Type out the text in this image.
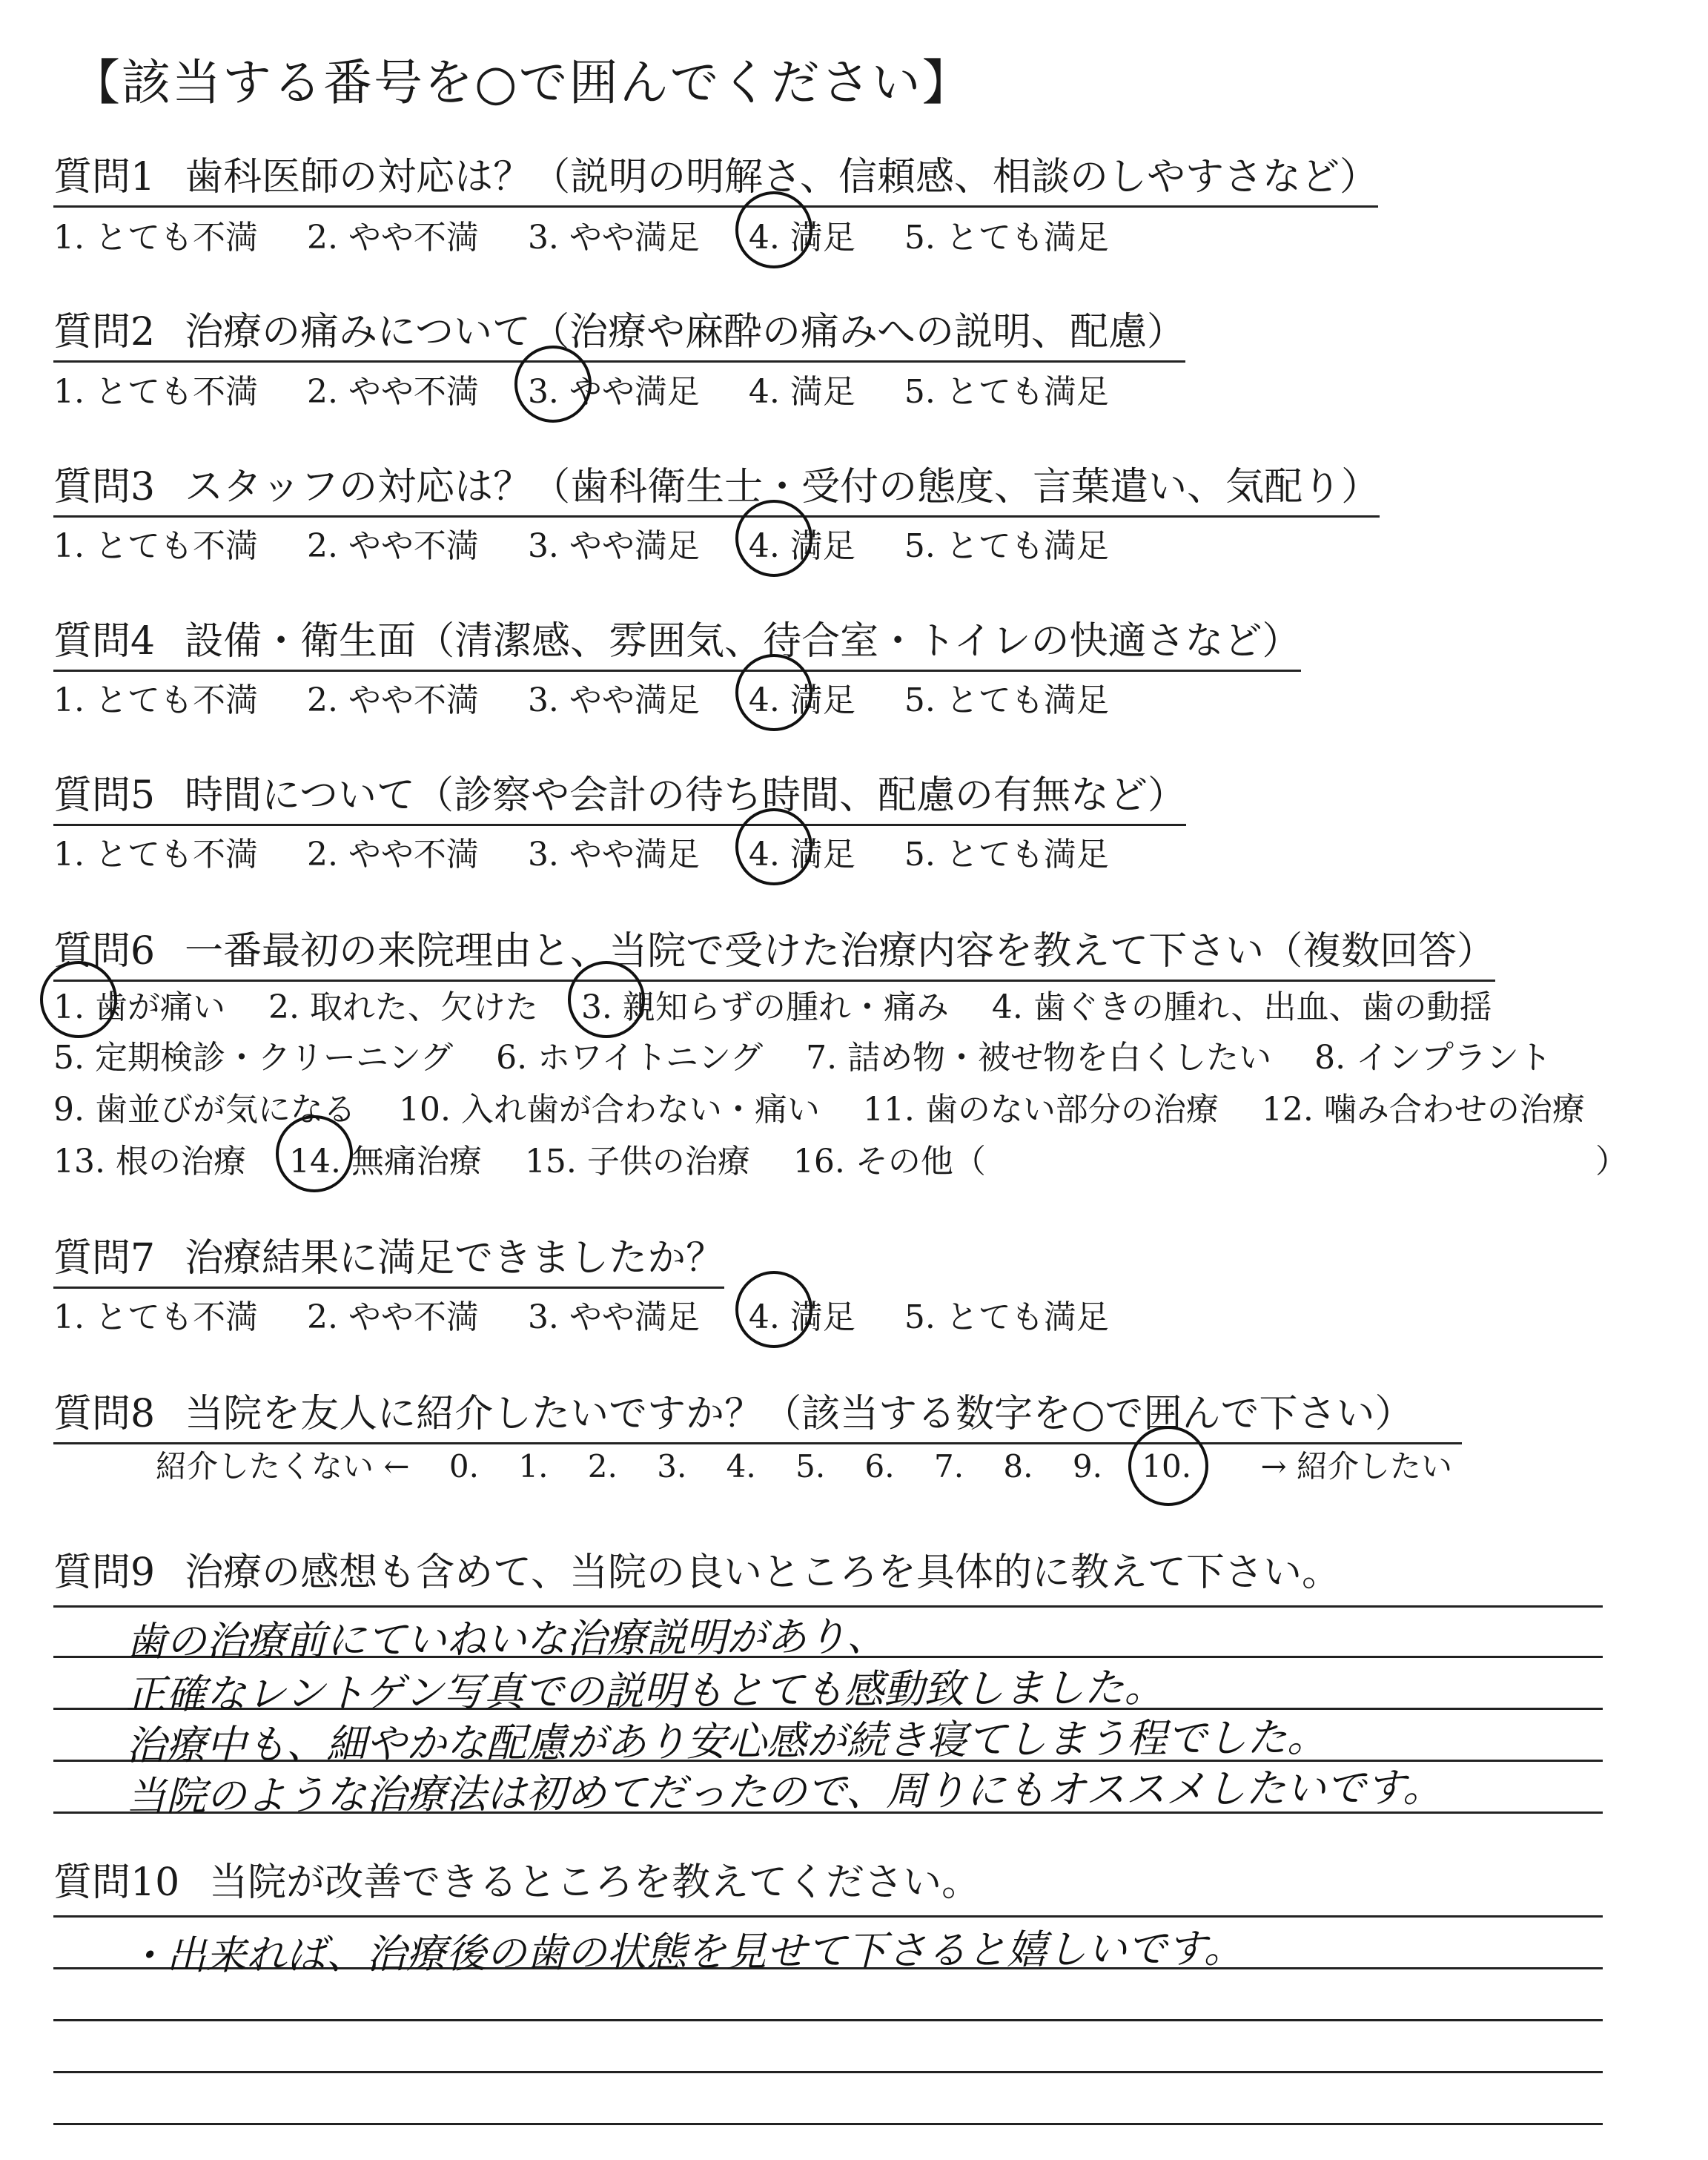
【該当する番号を○で囲んでください】
質問1 歯科医師の対応は？（説明の明解さ、信頼感、相談のしやすさなど）
1. とても不満 2. やや不満 3. やや満足 4. 満足 5. とても満足
質問2 治療の痛みについて（治療や麻酔の痛みへの説明、配慮）
1. とても不満 2. やや不満 3. やや満足 4. 満足 5. とても満足
質問3 スタッフの対応は？（歯科衛生士・受付の態度、言葉遣い、気配り）
1. とても不満 2. やや不満 3. やや満足 4. 満足 5. とても満足
質問4 設備・衛生面（清潔感、雰囲気、待合室・トイレの快適さなど）
1. とても不満 2. やや不満 3. やや満足 4. 満足 5. とても満足
質問5 時間について（診察や会計の待ち時間、配慮の有無など）
1. とても不満 2. やや不満 3. やや満足 4. 満足 5. とても満足
質問6 一番最初の来院理由と、当院で受けた治療内容を教えて下さい（複数回答）
1. 歯が痛い 2. 取れた、欠けた 3. 親知らずの腫れ・痛み 4. 歯ぐきの腫れ、出血、歯の動揺
5. 定期検診・クリーニング 6. ホワイトニング 7. 詰め物・被せ物を白くしたい 8. インプラント
9. 歯並びが気になる 10. 入れ歯が合わない・痛い 11. 歯のない部分の治療 12. 噛み合わせの治療
13. 根の治療 14. 無痛治療 15. 子供の治療 16. その他（	）
質問7 治療結果に満足できましたか？
1. とても不満 2. やや不満 3. やや満足 4. 満足 5. とても満足
質問8 当院を友人に紹介したいですか？（該当する数字を○で囲んで下さい）
紹介したくない ← 0. 1. 2. 3. 4. 5. 6. 7. 8. 9. 10. → 紹介したい
質問9 治療の感想も含めて、当院の良いところを具体的に教えて下さい。
歯の治療前にていねいな治療説明があり、
正確なレントゲン写真での説明もとても感動致しました。
治療中も、細やかな配慮があり安心感が続き寝てしまう程でした。
当院のような治療法は初めてだったので、周りにもオススメしたいです。
質問10 当院が改善できるところを教えてください。
・出来れば、治療後の歯の状態を見せて下さると嬉しいです。
